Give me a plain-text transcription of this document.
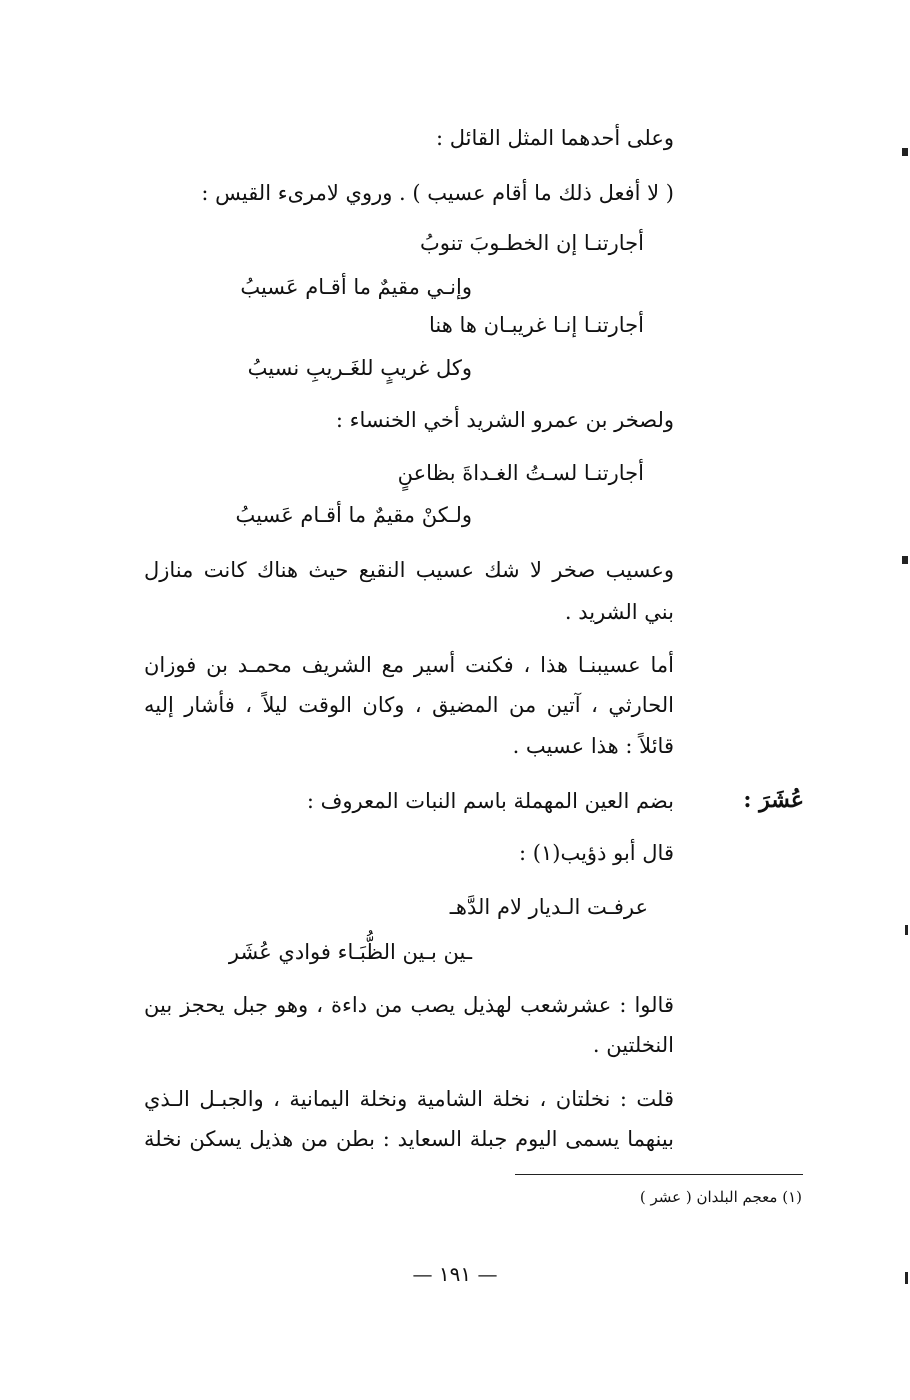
وعلى أحدهما المثل القائل :
( لا أفعل ذلك ما أقام عسيب ) . وروي لامرىء القيس :
أجارتنـا إن الخطـوبَ تنوبُ
وإنـي مقيمٌ ما أقـام عَسيبُ
أجارتنـا إنـا غريبـان ها هنا
وكل غريبٍ للغَـريبِ نسيبُ
ولصخر بن عمرو الشريد أخي الخنساء :
أجارتنـا لسـتُ الغـداةَ بظاعنٍ
ولـكنْ مقيمٌ ما أقـام عَسيبُ
وعسيب صخر لا شك عسيب النقيع حيث هناك كانت منازل
بني الشريد .
أما عسيبنـا هذا ، فكنت أسير مع الشريف محمـد بن فوزان
الحارثي ، آتين من المضيق ، وكان الوقت ليلاً ، فأشار إليه
قائلاً : هذا عسيب .
عُشَرَ :
بضم العين المهملة باسم النبات المعروف :
قال أبو ذؤيب(١) :
عرفـت الـديار لام الدَّهـ
ـين بـين الظُّبَـاء فوادي عُشَر
قالوا : عشرشعب لهذيل يصب من داءة ، وهو جبل يحجز بين
النخلتين .
قلت : نخلتان ، نخلة الشامية ونخلة اليمانية ، والجبـل الـذي
بينهما يسمى اليوم جبلة السعايد : بطن من هذيل يسكن نخلة
(١) معجم البلدان ( عشر )
— ١٩١ —
